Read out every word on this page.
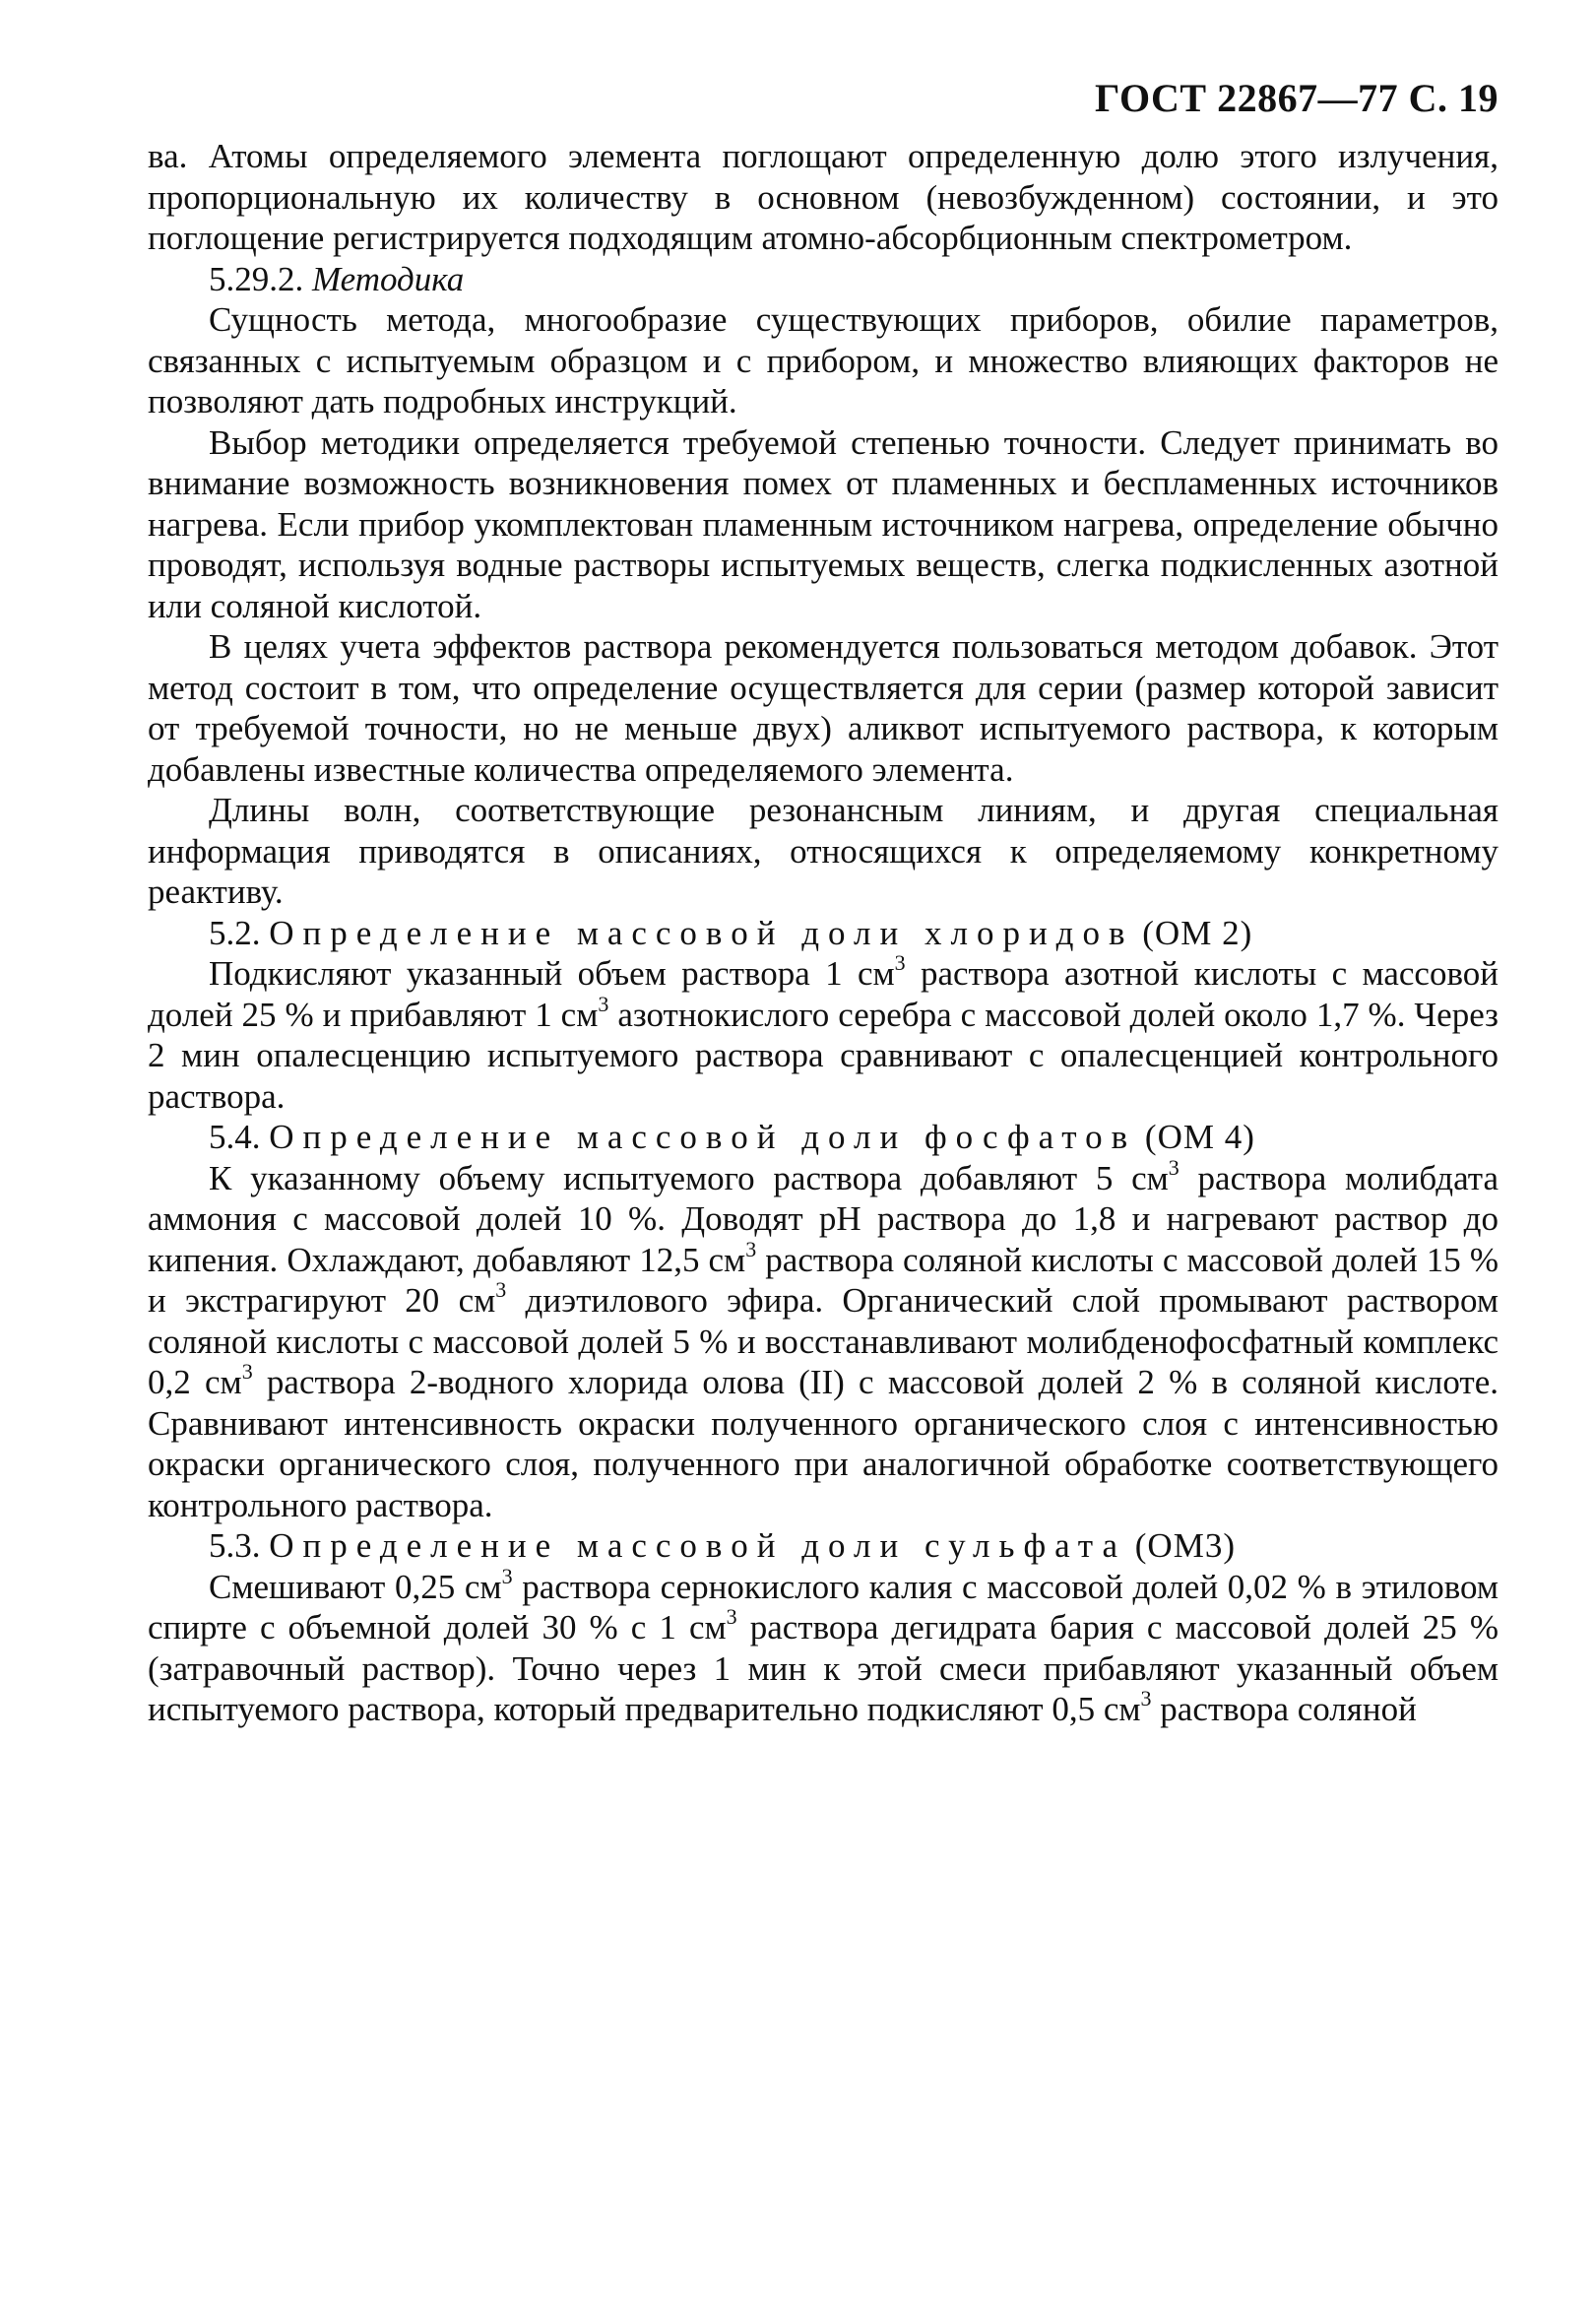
ГОСТ 22867—77 С. 19

ва. Атомы определяемого элемента поглощают определенную долю этого излучения, пропорциональную их количеству в основном (невозбужденном) состоянии, и это поглощение регистрируется подходящим атомно-абсорбционным спектрометром.

5.29.2. Методика

Сущность метода, многообразие существующих приборов, обилие параметров, связанных с испытуемым образцом и с прибором, и множество влияющих факторов не позволяют дать подробных инструкций.

Выбор методики определяется требуемой степенью точности. Следует принимать во внимание возможность возникновения помех от пламенных и беспламенных источников нагрева. Если прибор укомплектован пламенным источником нагрева, определение обычно проводят, используя водные растворы испытуемых веществ, слегка подкисленных азотной или соляной кислотой.

В целях учета эффектов раствора рекомендуется пользоваться методом добавок. Этот метод состоит в том, что определение осуществляется для серии (размер которой зависит от требуемой точности, но не меньше двух) аликвот испытуемого раствора, к которым добавлены известные количества определяемого элемента.

Длины волн, соответствующие резонансным линиям, и другая специальная информация приводятся в описаниях, относящихся к определяемому конкретному реактиву.

5.2. Определение массовой доли хлоридов (ОМ 2)

Подкисляют указанный объем раствора 1 $см^3$ раствора азотной кислоты с массовой долей 25 % и прибавляют 1 $см^3$ азотнокислого серебра с массовой долей около 1,7 %. Через 2 мин опалесценцию испытуемого раствора сравнивают с опалесценцией контрольного раствора.

5.4. Определение массовой доли фосфатов (ОМ 4)

К указанному объему испытуемого раствора добавляют 5 $см^3$ раствора молибдата аммония с массовой долей 10 %. Доводят pH раствора до 1,8 и нагревают раствор до кипения. Охлаждают, добавляют 12,5 $см^3$ раствора соляной кислоты с массовой долей 15 % и экстрагируют 20 $см^3$ диэтилового эфира. Органический слой промывают раствором соляной кислоты с массовой долей 5 % и восстанавливают молибденофосфатный комплекс 0,2 $см^3$ раствора 2-водного хлорида олова (II) с массовой долей 2 % в соляной кислоте. Сравнивают интенсивность окраски полученного органического слоя с интенсивностью окраски органического слоя, полученного при аналогичной обработке соответствующего контрольного раствора.

5.3. Определение массовой доли сульфата (ОМ3)

Смешивают 0,25 $см^3$ раствора сернокислого калия с массовой долей 0,02 % в этиловом спирте с объемной долей 30 % с 1 $см^3$ раствора дегидрата бария с массовой долей 25 % (затравочный раствор). Точно через 1 мин к этой смеси прибавляют указанный объем испытуемого раствора, который предварительно подкисляют 0,5 $см^3$ раствора соляной
